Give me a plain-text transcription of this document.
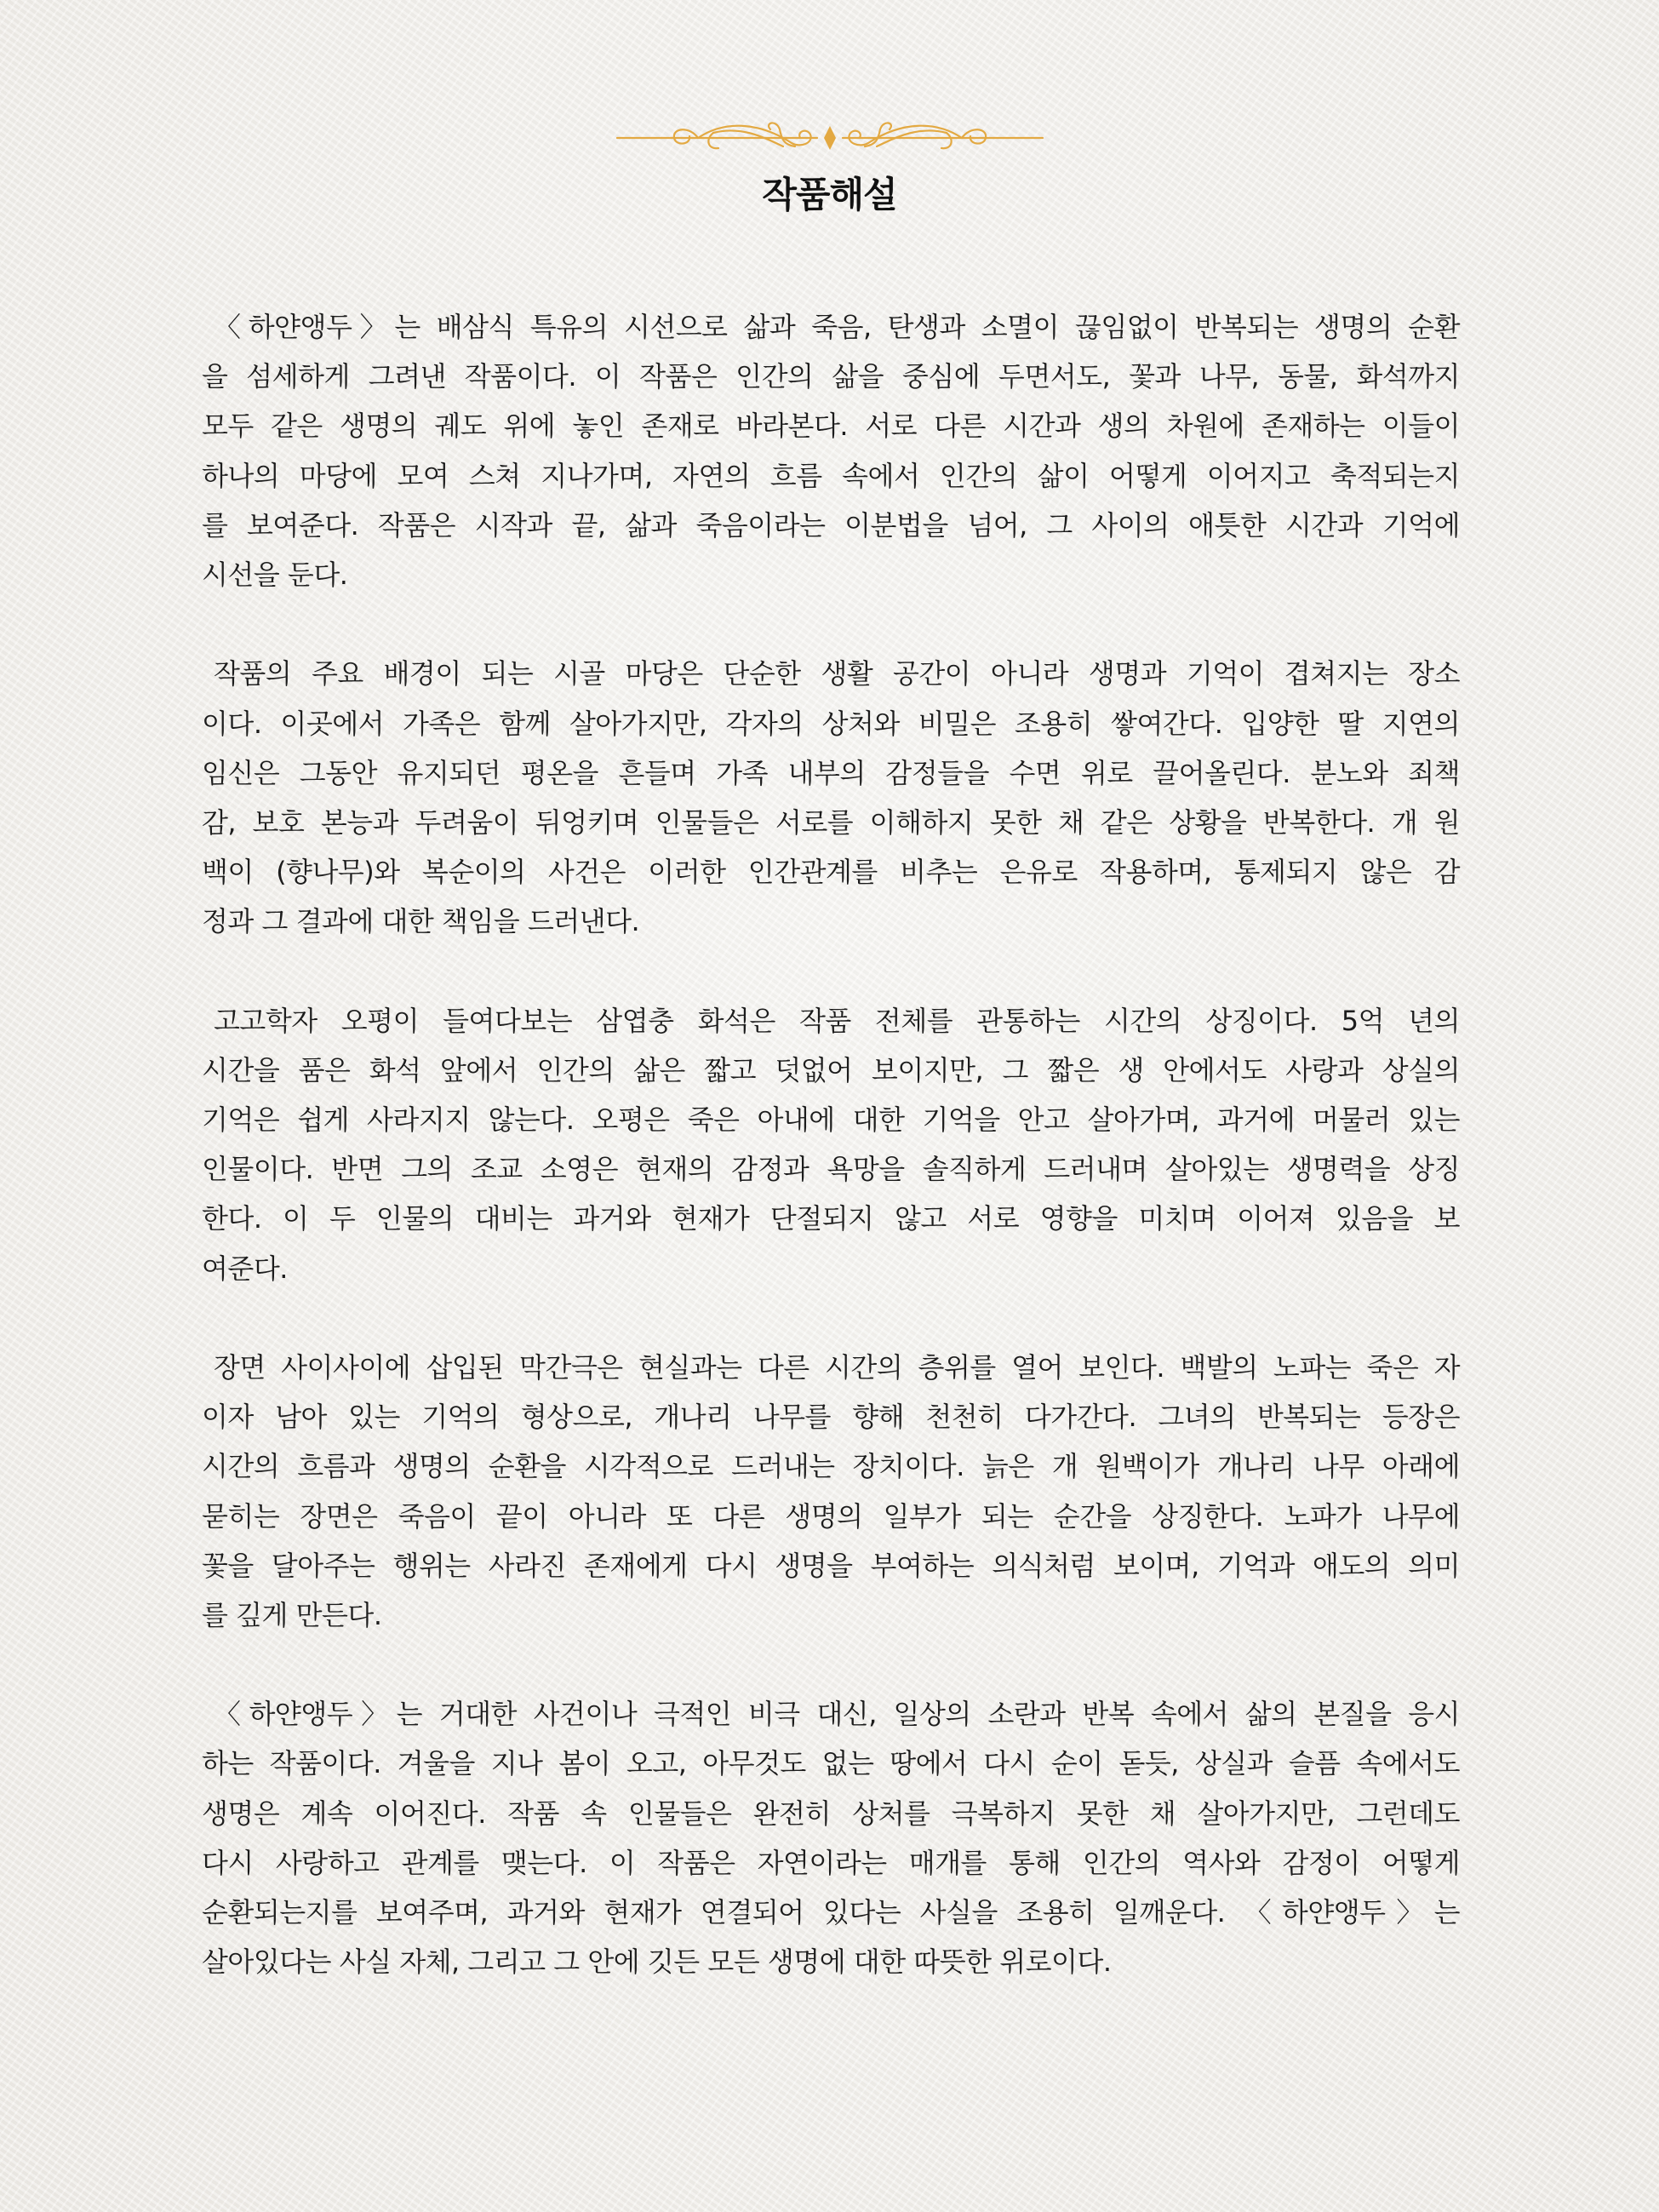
작품해설
〈하얀앵두〉는 배삼식 특유의 시선으로 삶과 죽음, 탄생과 소멸이 끊임없이 반복되는 생명의 순환
을 섬세하게 그려낸 작품이다. 이 작품은 인간의 삶을 중심에 두면서도, 꽃과 나무, 동물, 화석까지
모두 같은 생명의 궤도 위에 놓인 존재로 바라본다. 서로 다른 시간과 생의 차원에 존재하는 이들이
하나의 마당에 모여 스쳐 지나가며, 자연의 흐름 속에서 인간의 삶이 어떻게 이어지고 축적되는지
를 보여준다. 작품은 시작과 끝, 삶과 죽음이라는 이분법을 넘어, 그 사이의 애틋한 시간과 기억에
시선을 둔다.
작품의 주요 배경이 되는 시골 마당은 단순한 생활 공간이 아니라 생명과 기억이 겹쳐지는 장소
이다. 이곳에서 가족은 함께 살아가지만, 각자의 상처와 비밀은 조용히 쌓여간다. 입양한 딸 지연의
임신은 그동안 유지되던 평온을 흔들며 가족 내부의 감정들을 수면 위로 끌어올린다. 분노와 죄책
감, 보호 본능과 두려움이 뒤엉키며 인물들은 서로를 이해하지 못한 채 같은 상황을 반복한다. 개 원
백이 (향나무)와 복순이의 사건은 이러한 인간관계를 비추는 은유로 작용하며, 통제되지 않은 감
정과 그 결과에 대한 책임을 드러낸다.
고고학자 오평이 들여다보는 삼엽충 화석은 작품 전체를 관통하는 시간의 상징이다. 5억 년의
시간을 품은 화석 앞에서 인간의 삶은 짧고 덧없어 보이지만, 그 짧은 생 안에서도 사랑과 상실의
기억은 쉽게 사라지지 않는다. 오평은 죽은 아내에 대한 기억을 안고 살아가며, 과거에 머물러 있는
인물이다. 반면 그의 조교 소영은 현재의 감정과 욕망을 솔직하게 드러내며 살아있는 생명력을 상징
한다. 이 두 인물의 대비는 과거와 현재가 단절되지 않고 서로 영향을 미치며 이어져 있음을 보
여준다.
장면 사이사이에 삽입된 막간극은 현실과는 다른 시간의 층위를 열어 보인다. 백발의 노파는 죽은 자
이자 남아 있는 기억의 형상으로, 개나리 나무를 향해 천천히 다가간다. 그녀의 반복되는 등장은
시간의 흐름과 생명의 순환을 시각적으로 드러내는 장치이다. 늙은 개 원백이가 개나리 나무 아래에
묻히는 장면은 죽음이 끝이 아니라 또 다른 생명의 일부가 되는 순간을 상징한다. 노파가 나무에
꽃을 달아주는 행위는 사라진 존재에게 다시 생명을 부여하는 의식처럼 보이며, 기억과 애도의 의미
를 깊게 만든다.
〈하얀앵두〉는 거대한 사건이나 극적인 비극 대신, 일상의 소란과 반복 속에서 삶의 본질을 응시
하는 작품이다. 겨울을 지나 봄이 오고, 아무것도 없는 땅에서 다시 순이 돋듯, 상실과 슬픔 속에서도
생명은 계속 이어진다. 작품 속 인물들은 완전히 상처를 극복하지 못한 채 살아가지만, 그런데도
다시 사랑하고 관계를 맺는다. 이 작품은 자연이라는 매개를 통해 인간의 역사와 감정이 어떻게
순환되는지를 보여주며, 과거와 현재가 연결되어 있다는 사실을 조용히 일깨운다. 〈하얀앵두〉는
살아있다는 사실 자체, 그리고 그 안에 깃든 모든 생명에 대한 따뜻한 위로이다.
